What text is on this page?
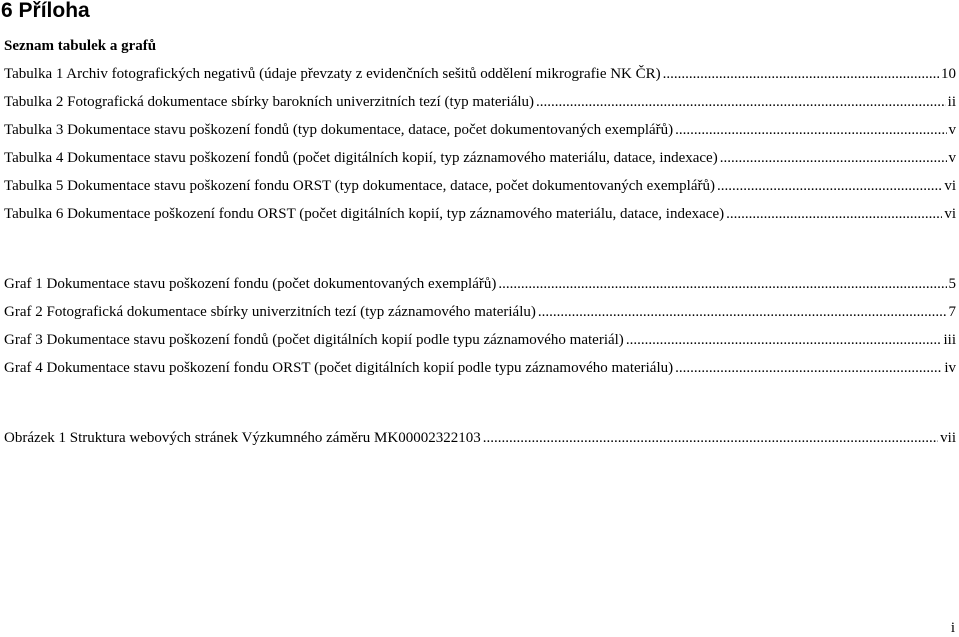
6 Příloha
Seznam tabulek a grafů
Tabulka 1 Archiv fotografických negativů (údaje převzaty z evidenčních sešitů oddělení mikrografie NK ČR) .....	10
Tabulka 2 Fotografická dokumentace sbírky barokních univerzitních tezí (typ materiálu) .....	ii
Tabulka 3 Dokumentace stavu poškození fondů (typ dokumentace, datace, počet dokumentovaných exemplářů) .....	v
Tabulka 4 Dokumentace stavu poškození fondů (počet digitálních kopií, typ záznamového materiálu, datace, indexace) .....	v
Tabulka 5 Dokumentace stavu poškození fondu ORST (typ dokumentace, datace, počet dokumentovaných exemplářů) .....	vi
Tabulka 6 Dokumentace poškození fondu ORST (počet digitálních kopií, typ záznamového materiálu, datace, indexace) .....	vi
Graf 1 Dokumentace stavu poškození fondu (počet dokumentovaných exemplářů) .....	5
Graf 2 Fotografická dokumentace sbírky univerzitních tezí (typ záznamového materiálu) .....	7
Graf 3 Dokumentace stavu poškození fondů (počet digitálních kopií podle typu záznamového materiál) .....	iii
Graf 4 Dokumentace stavu poškození fondu ORST (počet digitálních kopií podle typu záznamového materiálu) .....	iv
Obrázek 1 Struktura webových stránek Výzkumného záměru MK00002322103 .....	vii
i
